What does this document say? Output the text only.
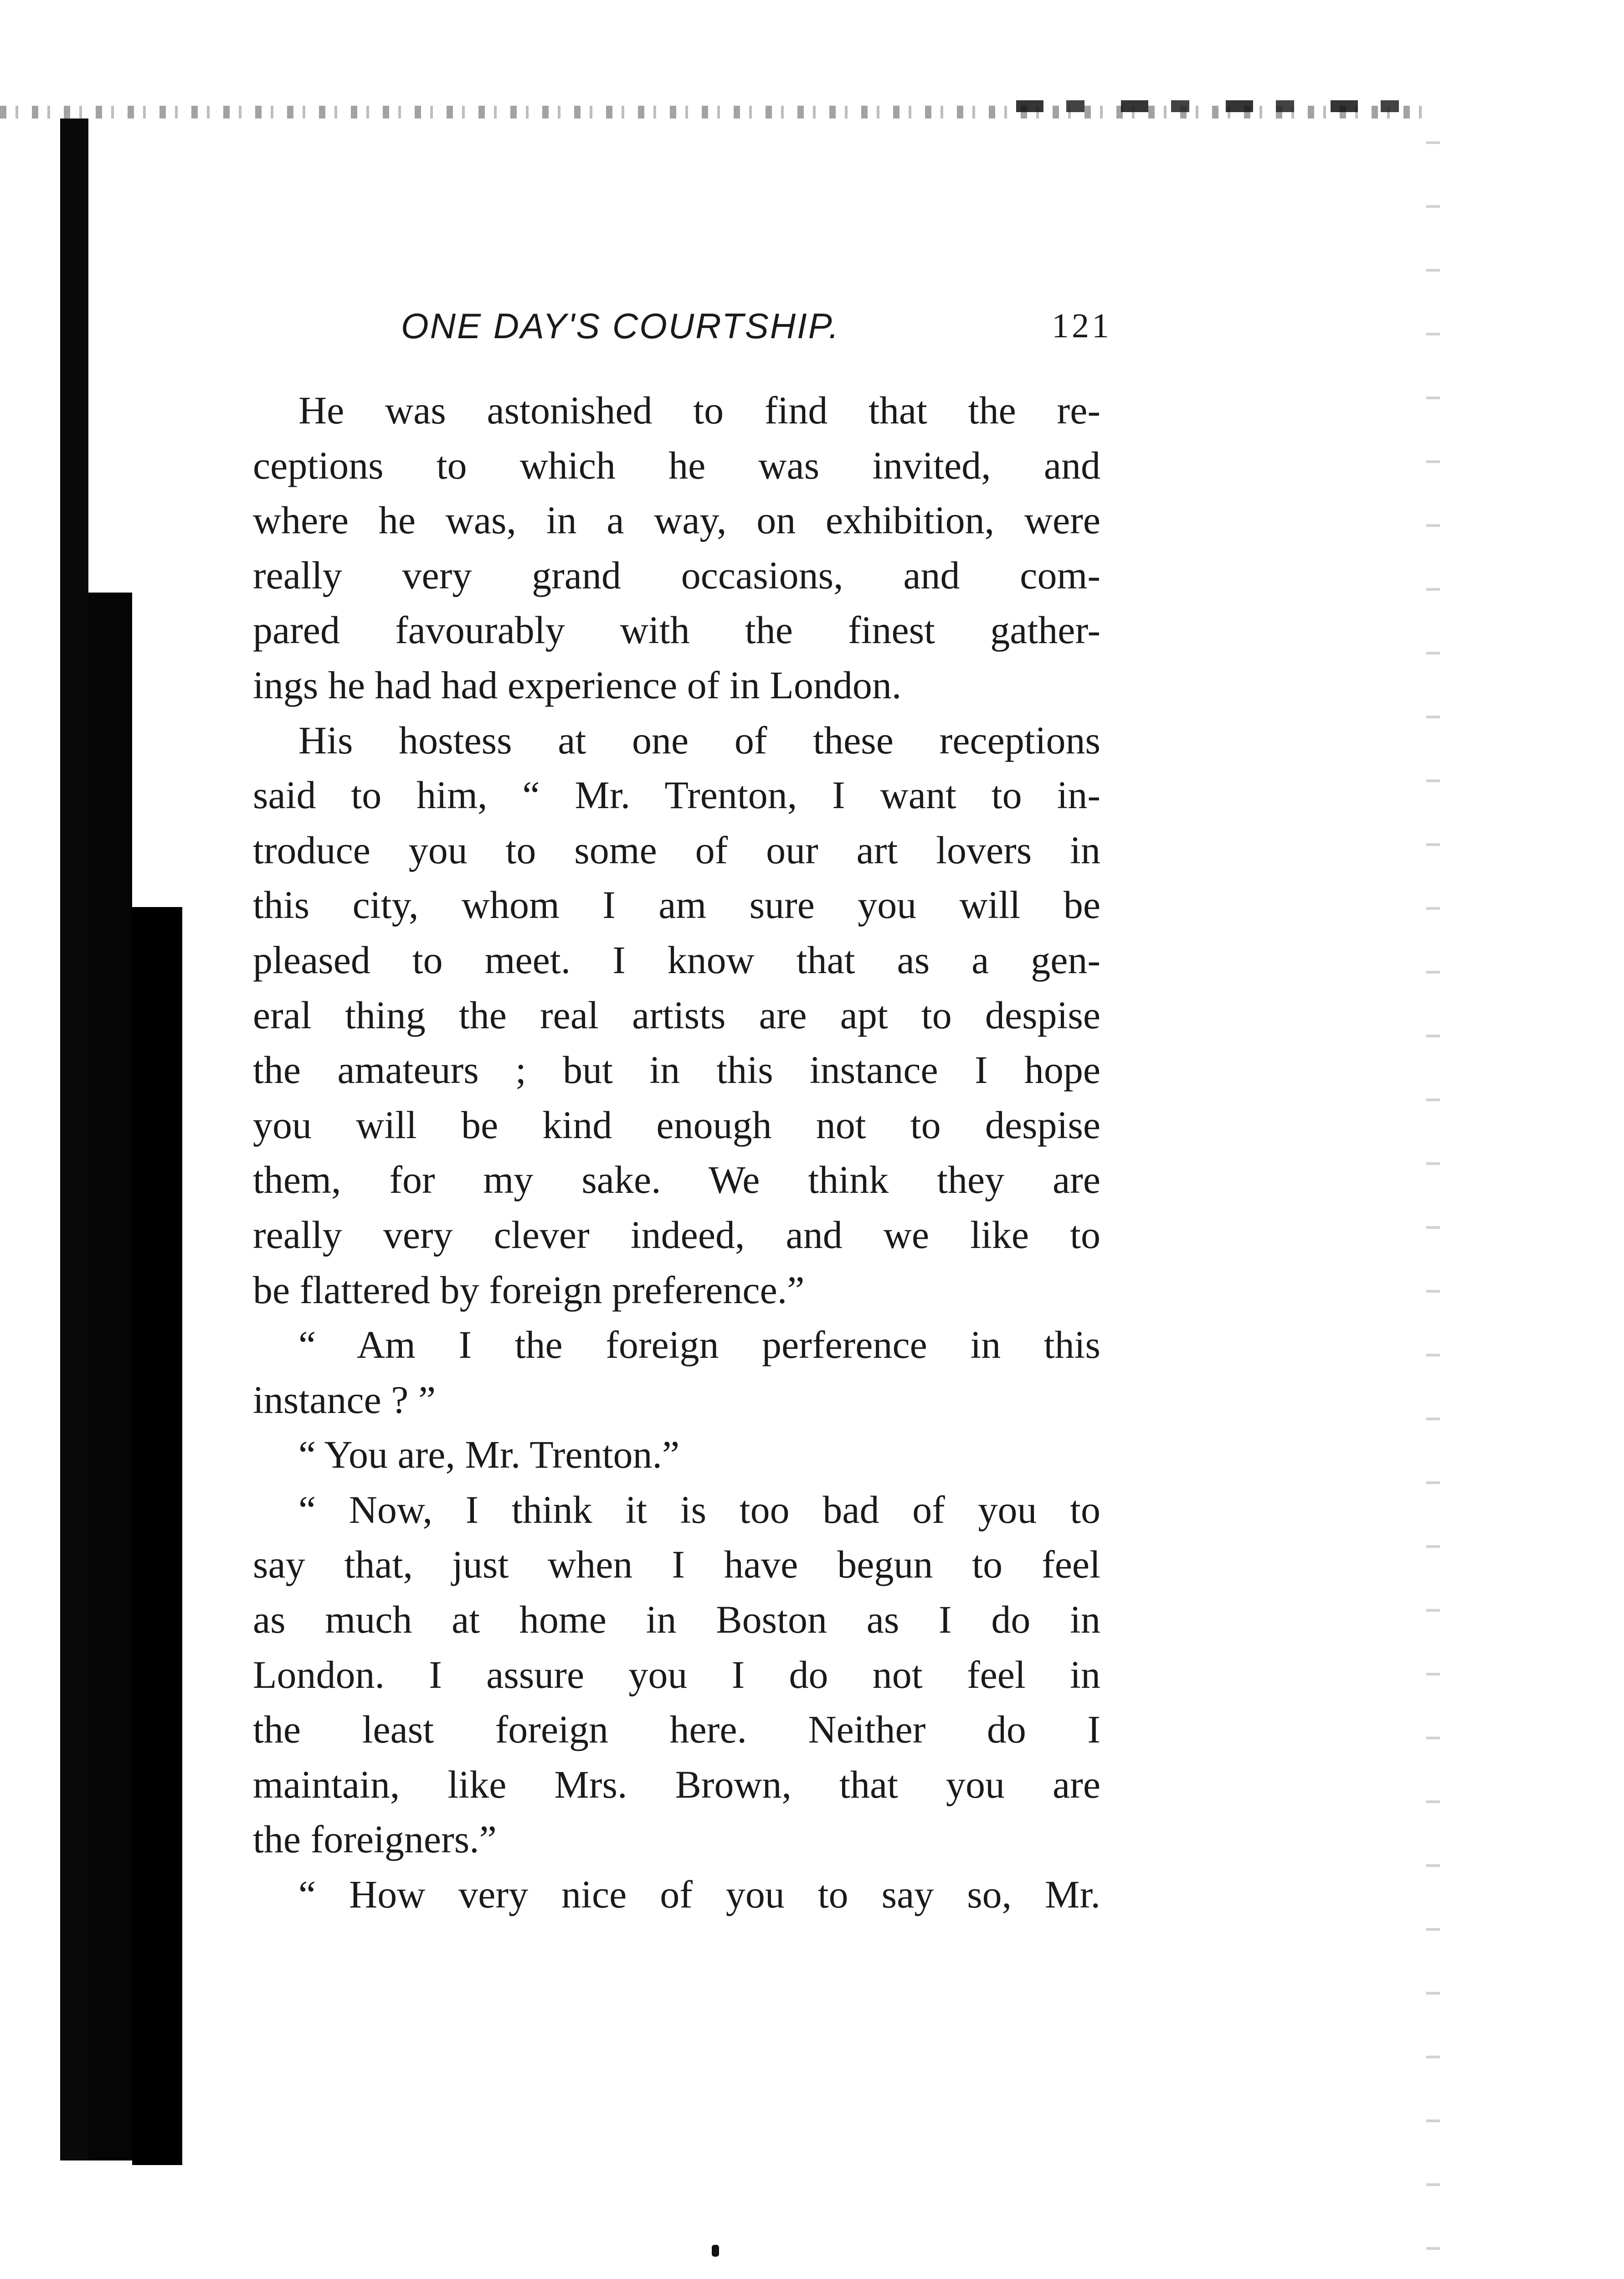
ONE DAY'S COURTSHIP.	121
He was astonished to find that the re-
ceptions to which he was invited, and
where he was, in a way, on exhibition, were
really very grand occasions, and com-
pared favourably with the finest gather-
ings he had had experience of in London.
His hostess at one of these receptions
said to him, “ Mr. Trenton, I want to in-
troduce you to some of our art lovers in
this city, whom I am sure you will be
pleased to meet. I know that as a gen-
eral thing the real artists are apt to despise
the amateurs ; but in this instance I hope
you will be kind enough not to despise
them, for my sake. We think they are
really very clever indeed, and we like to
be flattered by foreign preference.”
“ Am I the foreign perference in this
instance ? ”
“ You are, Mr. Trenton.”
“ Now, I think it is too bad of you to
say that, just when I have begun to feel
as much at home in Boston as I do in
London. I assure you I do not feel in
the least foreign here. Neither do I
maintain, like Mrs. Brown, that you are
the foreigners.”
“ How very nice of you to say so, Mr.
